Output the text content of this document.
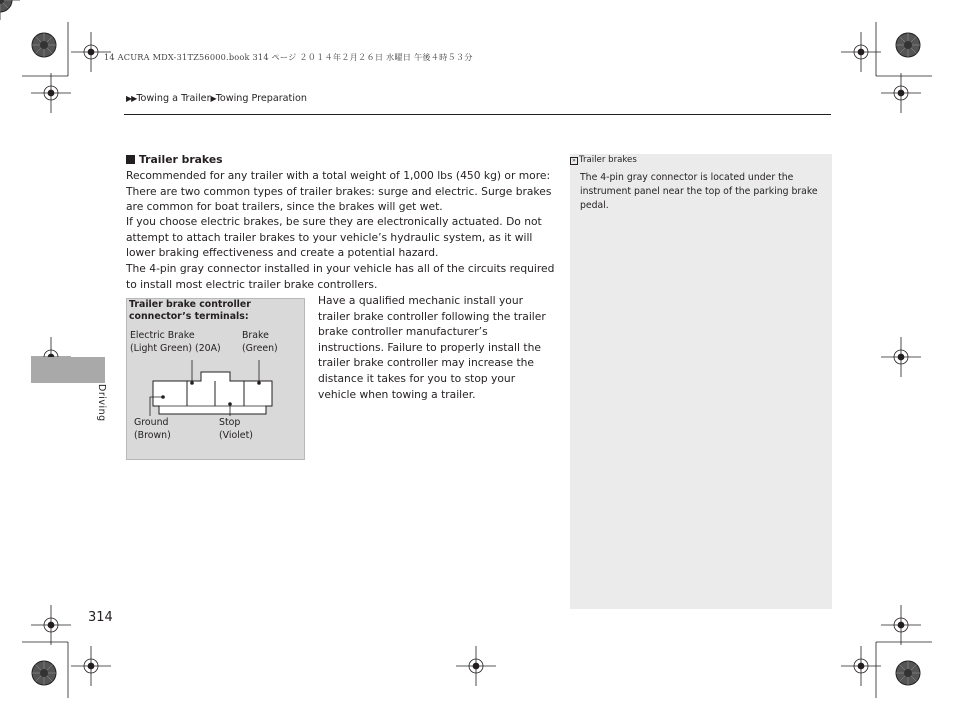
14 ACURA MDX-31TZ56000.book 314 ページ ２０１４年２月２６日 水曜日 午後４時５３分
▶▶Towing a Trailer▶Towing Preparation
Driving
Trailer brakes
Recommended for any trailer with a total weight of 1,000 lbs (450 kg) or more: There are two common types of trailer brakes: surge and electric. Surge brakes are common for boat trailers, since the brakes will get wet.
If you choose electric brakes, be sure they are electronically actuated. Do not attempt to attach trailer brakes to your vehicle’s hydraulic system, as it will lower braking effectiveness and create a potential hazard.
The 4-pin gray connector installed in your vehicle has all of the circuits required to install most electric trailer brake controllers.
Have a qualified mechanic install your trailer brake controller following the trailer brake controller manufacturer’s instructions. Failure to properly install the trailer brake controller may increase the distance it takes for you to stop your vehicle when towing a trailer.
Trailer brake controller connector’s terminals:
Electric Brake
(Light Green) (20A)
Brake
(Green)
Ground
(Brown)
Stop
(Violet)
» Trailer brakes
The 4-pin gray connector is located under the instrument panel near the top of the parking brake pedal.
314
